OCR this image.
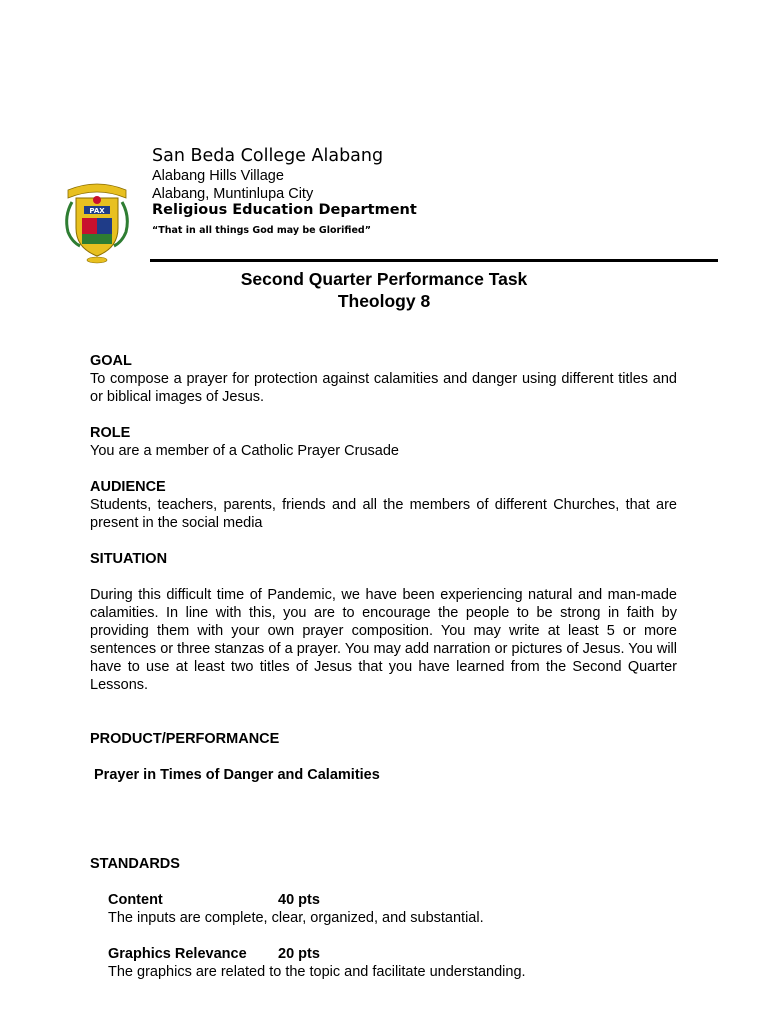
PAX
San Beda College Alabang
Alabang Hills Village
Alabang, Muntinlupa City
Religious Education Department
“That in all things God may be Glorified”
Second Quarter Performance Task
Theology 8
GOAL
To compose a prayer for protection against calamities and danger using different titles and or biblical images of Jesus.
ROLE
You are a member of a Catholic Prayer Crusade
AUDIENCE
Students, teachers, parents, friends and all the members of different Churches, that are present in the social media
SITUATION
During this difficult time of Pandemic, we have been experiencing natural and man-made calamities. In line with this, you are to encourage the people to be strong in faith by providing them with your own prayer composition. You may write at least 5 or more sentences or three stanzas of a prayer. You may add narration or pictures of Jesus. You will have to use at least two titles of Jesus that you have learned from the Second Quarter Lessons.
PRODUCT/PERFORMANCE
Prayer in Times of Danger and Calamities
STANDARDS
Content	40 pts
The inputs are complete, clear, organized, and substantial.
Graphics Relevance	20 pts
The graphics are related to the topic and facilitate understanding.
